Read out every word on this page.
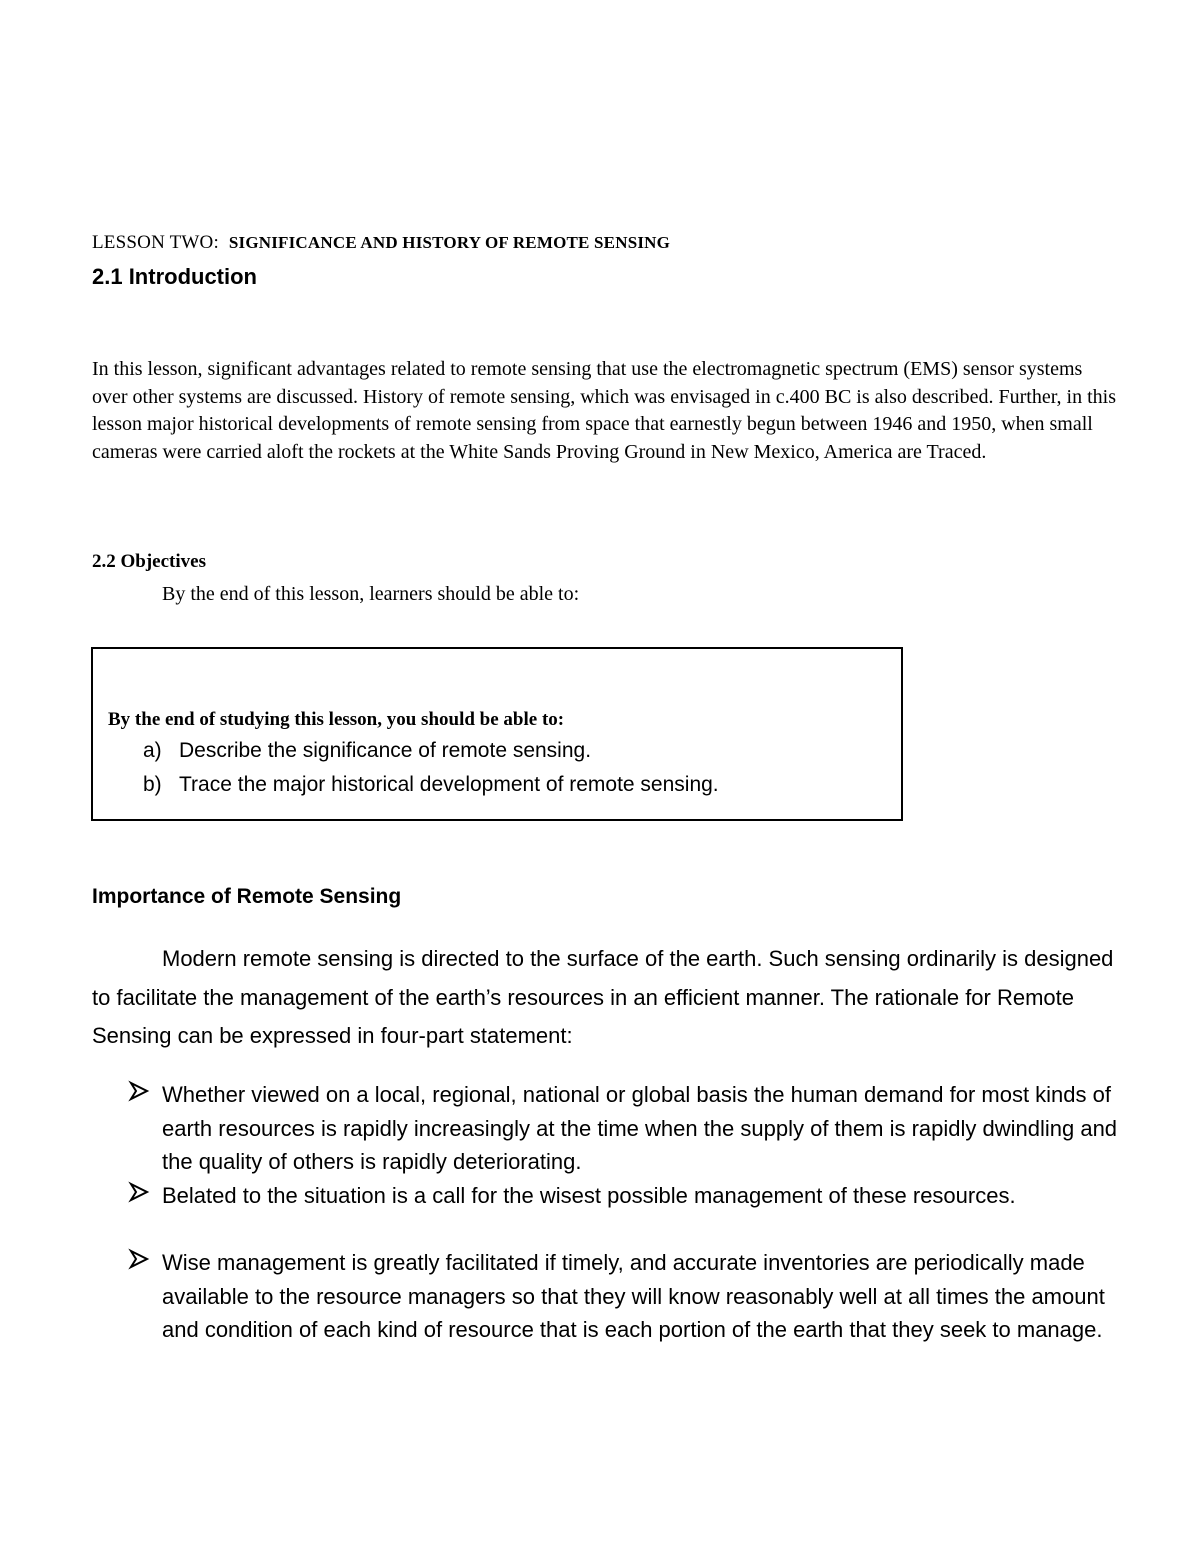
LESSON TWO: SIGNIFICANCE AND HISTORY OF REMOTE SENSING
2.1 Introduction
In this lesson, significant advantages related to remote sensing that use the electromagnetic spectrum (EMS) sensor systems over other systems are discussed. History of remote sensing, which was envisaged in c.400 BC is also described. Further, in this lesson major historical developments of remote sensing from space that earnestly begun between 1946 and 1950, when small cameras were carried aloft the rockets at the White Sands Proving Ground in New Mexico, America are Traced.
2.2 Objectives
By the end of this lesson, learners should be able to:
By the end of studying this lesson, you should be able to:
a) Describe the significance of remote sensing.
b) Trace the major historical development of remote sensing.
Importance of Remote Sensing
Modern remote sensing is directed to the surface of the earth. Such sensing ordinarily is designed to facilitate the management of the earth’s resources in an efficient manner. The rationale for Remote Sensing can be expressed in four-part statement:
Whether viewed on a local, regional, national or global basis the human demand for most kinds of earth resources is rapidly increasingly at the time when the supply of them is rapidly dwindling and the quality of others is rapidly deteriorating.
Belated to the situation is a call for the wisest possible management of these resources.
Wise management is greatly facilitated if timely, and accurate inventories are periodically made available to the resource managers so that they will know reasonably well at all times the amount and condition of each kind of resource that is each portion of the earth that they seek to manage.
